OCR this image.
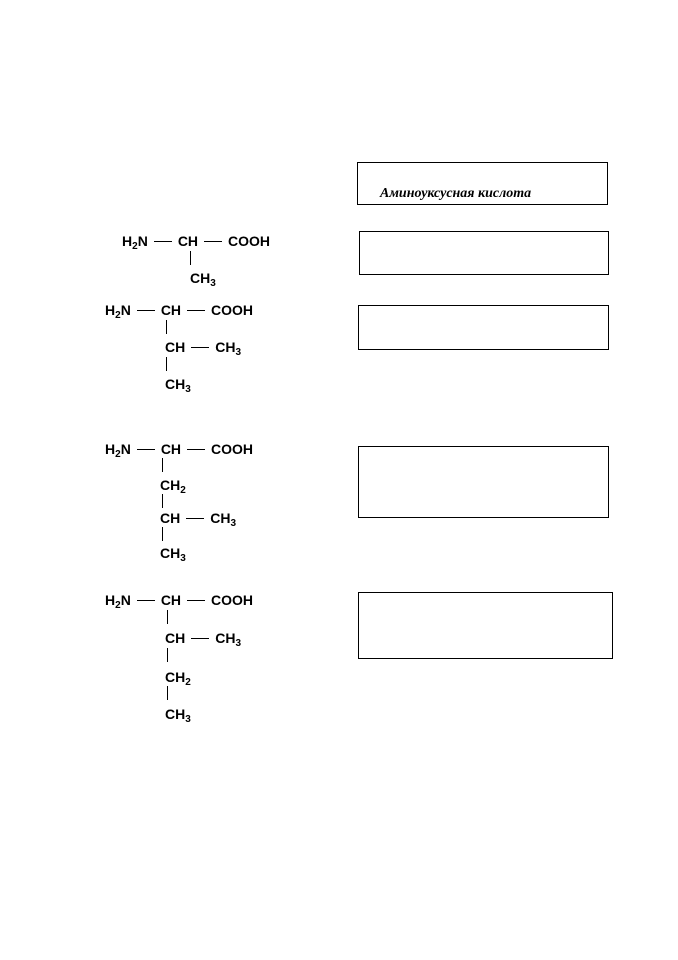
Аминоуксусная кислота
$H_2N$ CH COOH
$CH_3$
$H_2N$ CH COOH
CH $CH_3$
$CH_3$
$H_2N$ CH COOH
$CH_2$
CH $CH_3$
$CH_3$
$H_2N$ CH COOH
CH $CH_3$
$CH_2$
$CH_3$
